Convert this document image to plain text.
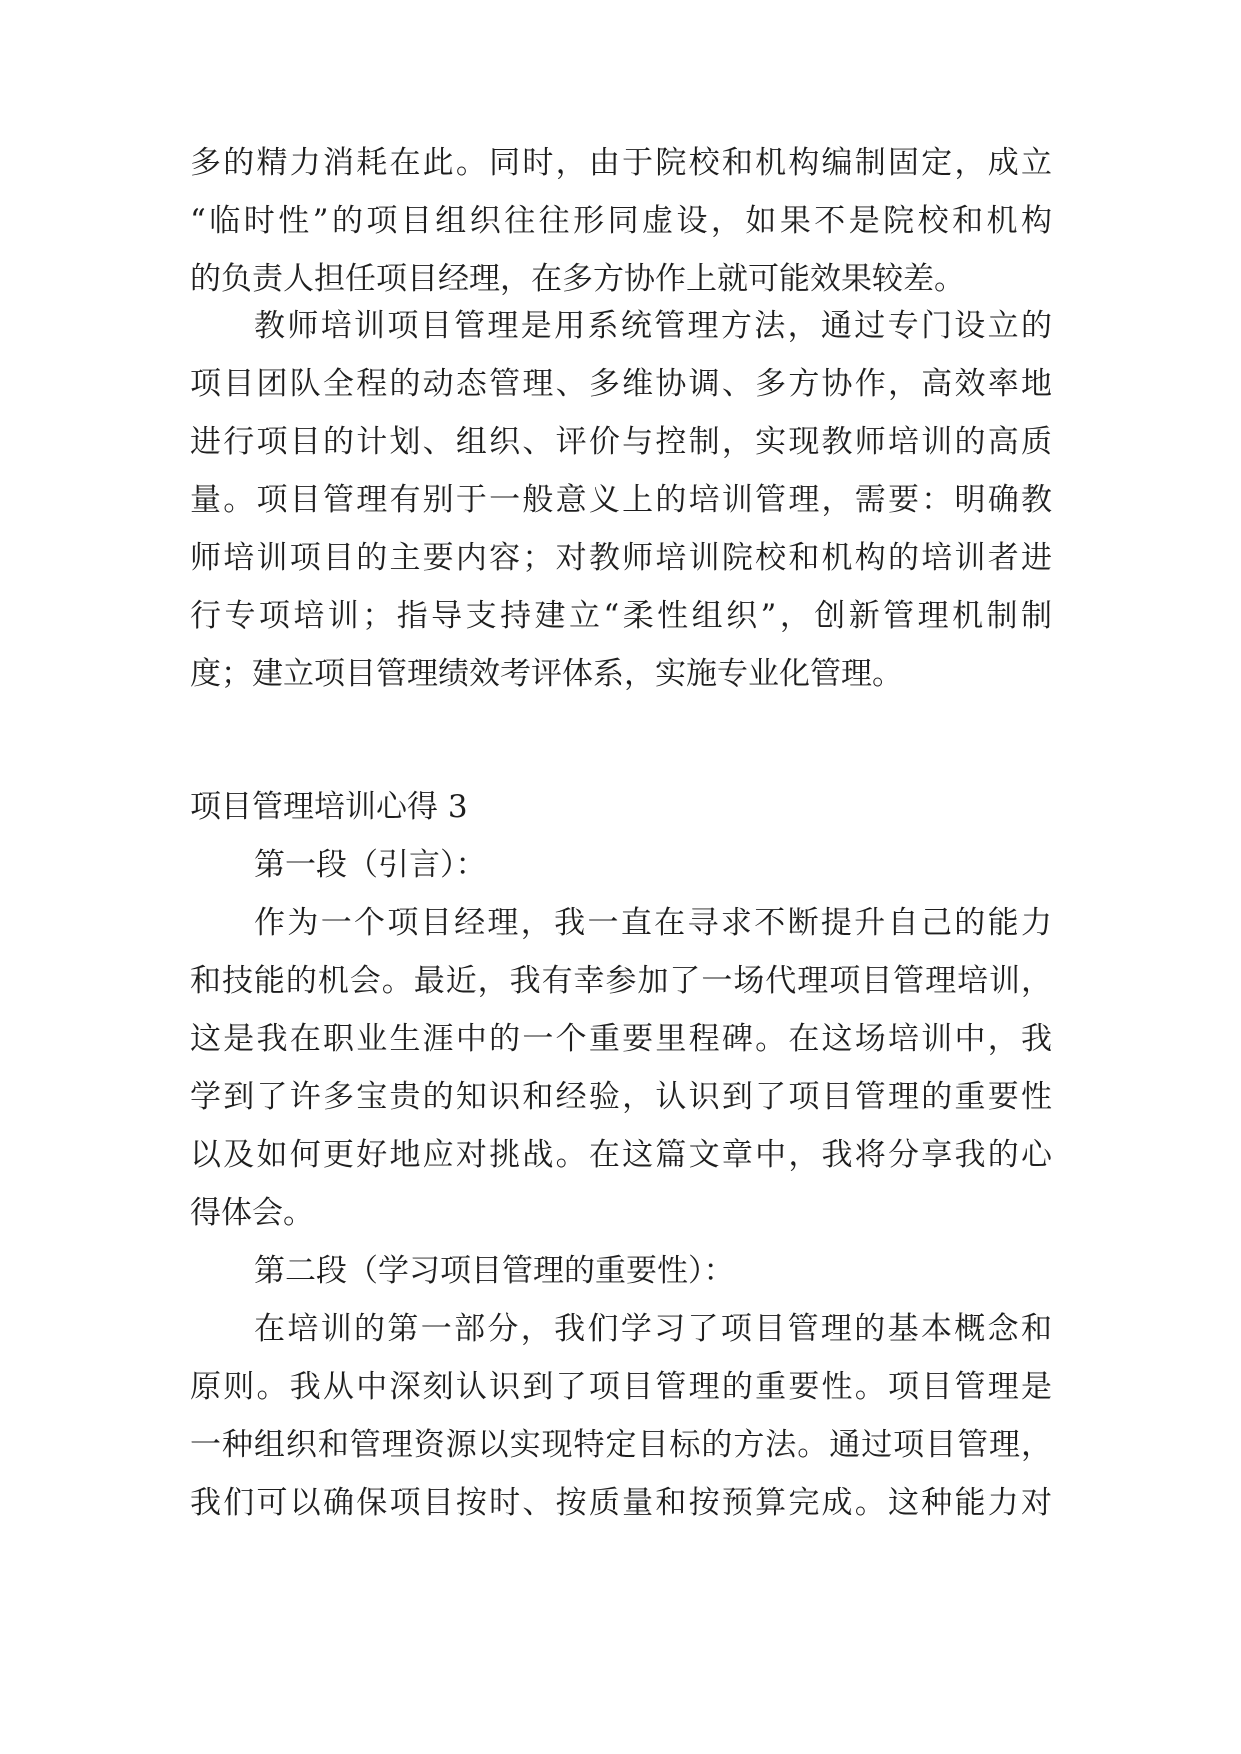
多的精力消耗在此。同时，由于院校和机构编制固定，成立
“临时性”的项目组织往往形同虚设，如果不是院校和机构
的负责人担任项目经理，在多方协作上就可能效果较差。
教师培训项目管理是用系统管理方法，通过专门设立的
项目团队全程的动态管理、多维协调、多方协作，高效率地
进行项目的计划、组织、评价与控制，实现教师培训的高质
量。项目管理有别于一般意义上的培训管理，需要：明确教
师培训项目的主要内容；对教师培训院校和机构的培训者进
行专项培训；指导支持建立“柔性组织”，创新管理机制制
度；建立项目管理绩效考评体系，实施专业化管理。
项目管理培训心得 3
第一段（引言）：
作为一个项目经理，我一直在寻求不断提升自己的能力
和技能的机会。最近，我有幸参加了一场代理项目管理培训，
这是我在职业生涯中的一个重要里程碑。在这场培训中，我
学到了许多宝贵的知识和经验，认识到了项目管理的重要性
以及如何更好地应对挑战。在这篇文章中，我将分享我的心
得体会。
第二段（学习项目管理的重要性）：
在培训的第一部分，我们学习了项目管理的基本概念和
原则。我从中深刻认识到了项目管理的重要性。项目管理是
一种组织和管理资源以实现特定目标的方法。通过项目管理，
我们可以确保项目按时、按质量和按预算完成。这种能力对
